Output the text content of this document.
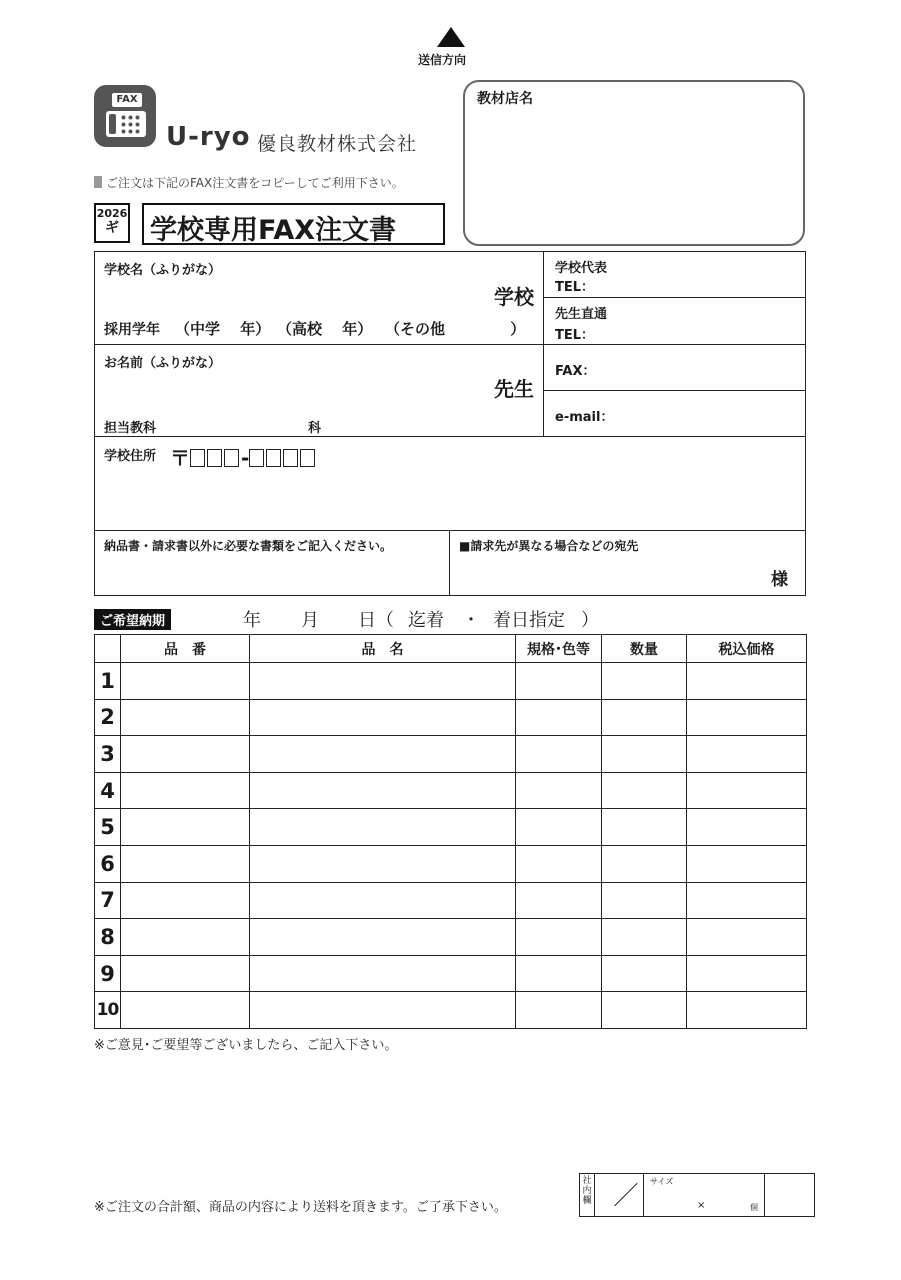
送信方向
FAX
U-ryo 優良教材株式会社
ご注文は下記のFAX注文書をコピーしてご利用下さい。
2026
ギ	学校専用FAX注文書
教材店名
学校名（ふりがな）
学校
採用学年 （中学　 年） （高校　 年） （その他　　　　 ）
学校代表
TEL：
先生直通
TEL：
お名前（ふりがな）
先生
担当教科	科
FAX：
e-mail：
学校住所 〒	-
納品書・請求書以外に必要な書類をご記入ください。	■請求先が異なる場合などの宛先
様
ご希望納期	年 月 日（ 迄着 ・ 着日指定 ）
	品　番	品　名	規格･色等	数量	税込価格
1					
2					
3					
4					
5					
6					
7					
8					
9					
10					
※ご意見･ご要望等ございましたら、ご記入下さい。
※ご注文の合計額、商品の内容により送料を頂きます。ご了承下さい。
社内欄
サイズ
×	個
